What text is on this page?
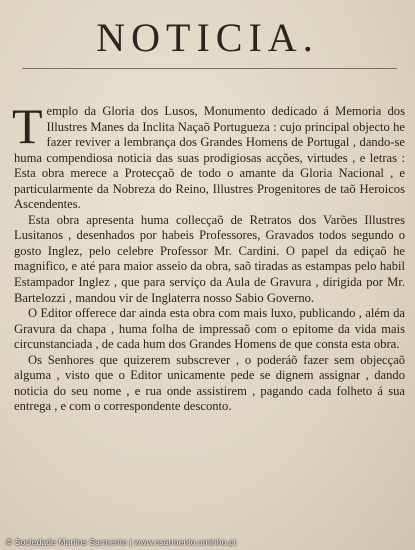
NOTICIA.

Templo da Gloria dos Lusos, Monumento dedicado á Memoria dos Illustres Manes da Inclita Naçaõ Portugueza : cujo principal objecto he fazer reviver a lembrança dos Grandes Homens de Portugal , dando-se huma compendiosa noticia das suas prodigiosas acções, virtudes , e letras : Esta obra merece a Protecçaõ de todo o amante da Gloria Nacional , e particularmente da Nobreza do Reino, Illustres Progenitores de taõ Heroicos Ascendentes.

Esta obra apresenta huma collecçaõ de Retratos dos Varões Illustres Lusitanos , desenhados por habeis Professores, Gravados todos segundo o gosto Inglez, pelo celebre Professor Mr. Cardini. O papel da ediçaõ he magnifico, e até para maior asseio da obra, saõ tiradas as estampas pelo habil Estampador Inglez , que para serviço da Aula de Gravura , dirigida por Mr. Bartelozzi , mandou vir de Inglaterra nosso Sabio Governo.

O Editor offerece dar ainda esta obra com mais luxo, publicando , além da Gravura da chapa , huma folha de impressaõ com o epitome da vida mais circunstanciada , de cada hum dos Grandes Homens de que consta esta obra.

Os Senhores que quizerem subscrever , o poderáõ fazer sem objecçaõ alguma , visto que o Editor unicamente pede se dignem assignar , dando noticia do seu nome , e rua onde assistirem , pagando cada folheto á sua entrega , e com o correspondente desconto.

© Sociedade Martins Sarmento | www.csarmento.uminho.pt
